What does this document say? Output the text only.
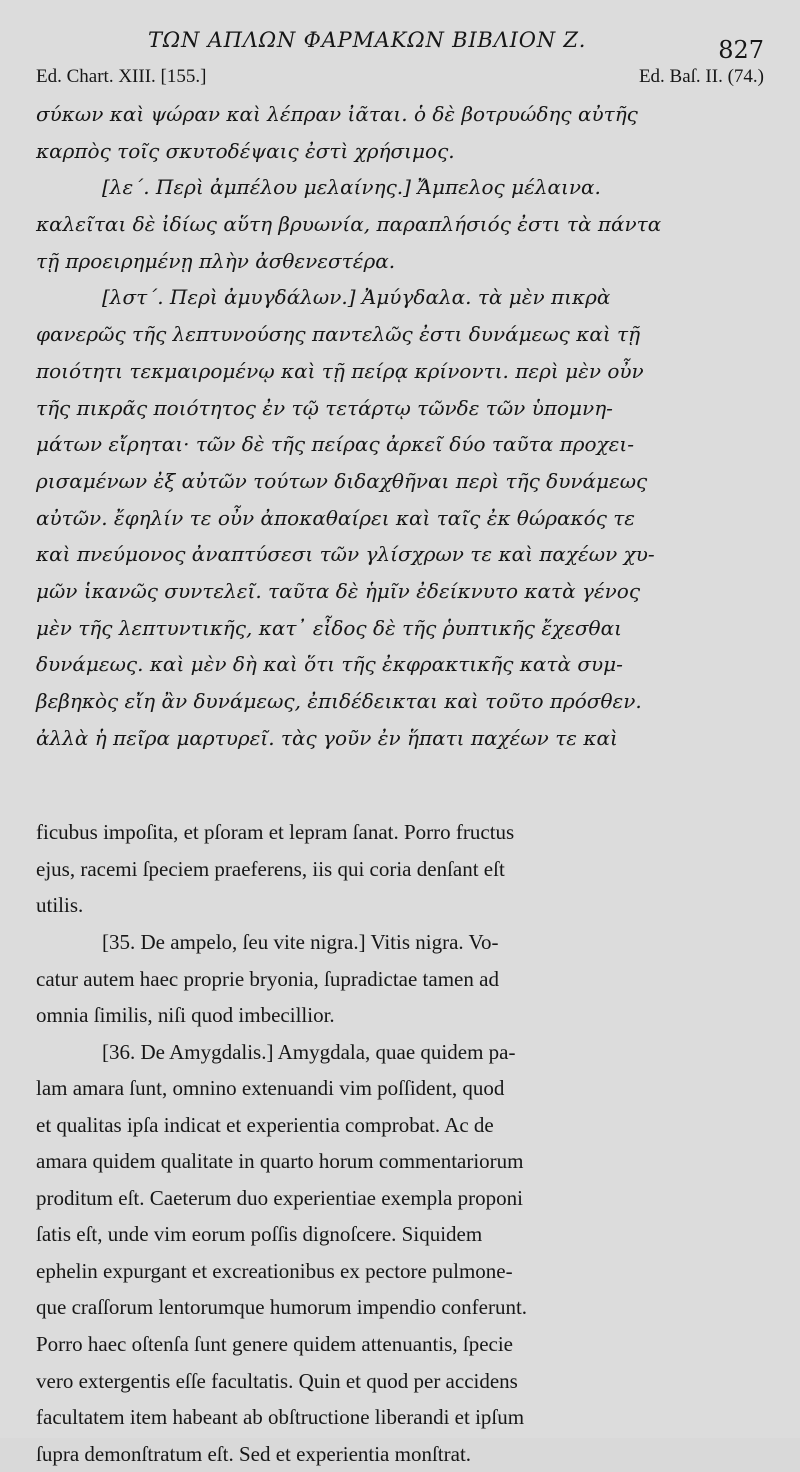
ΤΩΝ ΑΠΛΩΝ ΦΑΡΜΑΚΩΝ ΒΙΒΛΙΟΝ Ζ.	827
Ed. Chart. XIII. [155.]	Ed. Baſ. II. (74.)
σύκων καὶ ψώραν καὶ λέπραν ἰᾶται. ὁ δὲ βοτρυώδης αὐτῆς
καρπὸς τοῖς σκυτοδέψαις ἐστὶ χρήσιμος.
[λε΄. Περὶ ἀμπέλου μελαίνης.] Ἄμπελος μέλαινα.
καλεῖται δὲ ἰδίως αὕτη βρυωνία, παραπλήσιός ἐστι τὰ πάντα
τῇ προειρημένῃ πλὴν ἀσθενεστέρα.
[λστ΄. Περὶ ἀμυγδάλων.] Ἀμύγδαλα. τὰ μὲν πικρὰ
φανερῶς τῆς λεπτυνούσης παντελῶς ἐστι δυνάμεως καὶ τῇ
ποιότητι τεκμαιρομένῳ καὶ τῇ πείρᾳ κρίνοντι. περὶ μὲν οὖν
τῆς πικρᾶς ποιότητος ἐν τῷ τετάρτῳ τῶνδε τῶν ὑπομνη-
μάτων εἴρηται· τῶν δὲ τῆς πείρας ἀρκεῖ δύο ταῦτα προχει-
ρισαμένων ἐξ αὐτῶν τούτων διδαχθῆναι περὶ τῆς δυνάμεως
αὐτῶν. ἔφηλίν τε οὖν ἀποκαθαίρει καὶ ταῖς ἐκ θώρακός τε
καὶ πνεύμονος ἀναπτύσεσι τῶν γλίσχρων τε καὶ παχέων χυ-
μῶν ἱκανῶς συντελεῖ. ταῦτα δὲ ἡμῖν ἐδείκνυτο κατὰ γένος
μὲν τῆς λεπτυντικῆς, κατ᾽ εἶδος δὲ τῆς ῥυπτικῆς ἔχεσθαι
δυνάμεως. καὶ μὲν δὴ καὶ ὅτι τῆς ἐκφρακτικῆς κατὰ συμ-
βεβηκὸς εἴη ἂν δυνάμεως, ἐπιδέδεικται καὶ τοῦτο πρόσθεν.
ἀλλὰ ἡ πεῖρα μαρτυρεῖ. τὰς γοῦν ἐν ἥπατι παχέων τε καὶ
ficubus impoſita, et pſoram et lepram ſanat. Porro fructus
ejus, racemi ſpeciem praeferens, iis qui coria denſant eſt
utilis.
[35. De ampelo, ſeu vite nigra.] Vitis nigra. Vo-
catur autem haec proprie bryonia, ſupradictae tamen ad
omnia ſimilis, niſi quod imbecillior.
[36. De Amygdalis.] Amygdala, quae quidem pa-
lam amara ſunt, omnino extenuandi vim poſſident, quod
et qualitas ipſa indicat et experientia comprobat. Ac de
amara quidem qualitate in quarto horum commentariorum
proditum eſt. Caeterum duo experientiae exempla proponi
ſatis eſt, unde vim eorum poſſis dignoſcere. Siquidem
ephelin expurgant et excreationibus ex pectore pulmone-
que craſſorum lentorumque humorum impendio conferunt.
Porro haec oſtenſa ſunt genere quidem attenuantis, ſpecie
vero extergentis eſſe facultatis. Quin et quod per accidens
facultatem item habeant ab obſtructione liberandi et ipſum
ſupra demonſtratum eſt. Sed et experientia monſtrat.
